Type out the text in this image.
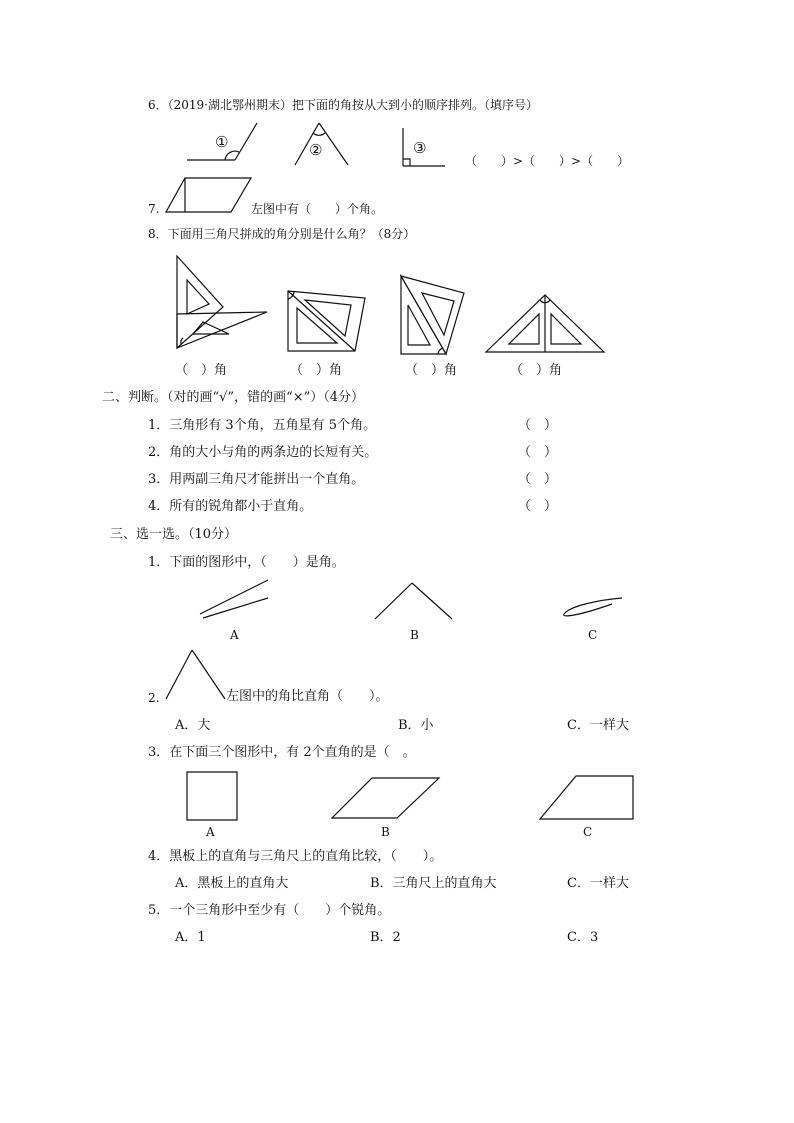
6．（2019·湖北鄂州期末）把下面的角按从大到小的顺序排列。（填序号）
①	②	③
（　　）>（　　）>（　　）
7.	左图中有（　　）个角。
8．下面用三角尺拼成的角分别是什么角？（8分）
（　）角	（　）角	（　）角	（　）角
二、判断。（对的画“√”，错的画“×”）（4分）
1．三角形有 3个角，五角星有 5个角。	（　）
2．角的大小与角的两条边的长短有关。	（　）
3．用两副三角尺才能拼出一个直角。	（　）
4．所有的锐角都小于直角。	（　）
三、选一选。（10分）
1．下面的图形中，（　　）是角。
A	B	C
2.	左图中的角比直角（　　）。
A．大	B．小	C．一样大
3．在下面三个图形中，有 2个直角的是（　。
A	B	C
4．黑板上的直角与三角尺上的直角比较，（　　）。
A．黑板上的直角大	B．三角尺上的直角大	C．一样大
5．一个三角形中至少有（　　）个锐角。
A．1	B．2	C．3
